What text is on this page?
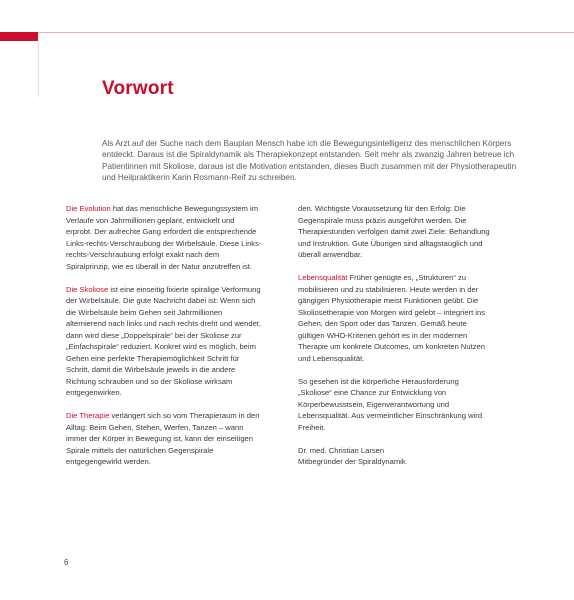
Vorwort

Als Arzt auf der Suche nach dem Bauplan Mensch habe ich die Bewegungsintelligenz des menschlichen Körpers entdeckt. Daraus ist die Spiraldynamik als Therapiekonzept entstanden. Seit mehr als zwanzig Jahren betreue ich Patientinnen mit Skoliose, daraus ist die Motivation entstanden, dieses Buch zusammen mit der Physiotherapeutin und Heilpraktikerin Karin Rosmann-Reif zu schreiben.

Die Evolution hat das menschliche Bewegungssystem im Verlaufe von Jahrmillionen geplant, entwickelt und erprobt. Der aufrechte Gang erfordert die entsprechende Links-rechts-Verschraubung der Wirbelsäule. Diese Links-rechts-Verschraubung erfolgt exakt nach dem Spiralprinzip, wie es überall in der Natur anzutreffen ist.

Die Skoliose ist eine einseitig fixierte spiralige Verformung der Wirbelsäule. Die gute Nachricht dabei ist: Wenn sich die Wirbelsäule beim Gehen seit Jahrmillionen alternierend nach links und nach rechts dreht und wendet, dann wird diese „Doppelspirale“ bei der Skoliose zur „Einfachspirale“ reduziert. Konkret wird es möglich, beim Gehen eine perfekte Therapiemöglichkeit Schritt für Schritt, damit die Wirbelsäule jeweils in die andere Richtung schrauben und so der Skoliose wirksam entgegenwirken.

Die Therapie verlängert sich so vom Therapieraum in den Alltag: Beim Gehen, Stehen, Werfen, Tanzen – wann immer der Körper in Bewegung ist, kann der einseitigen Spirale mittels der natürlichen Gegenspirale entgegengewirkt werden.

den. Wichtigste Voraussetzung für den Erfolg: Die Gegenspirale muss präzis ausgeführt werden. Die Therapiestunden verfolgen damit zwei Ziele: Behandlung und Instruktion. Gute Übungen sind alltagstauglich und überall anwendbar.

Lebensqualität Früher genügte es, „Strukturen“ zu mobilisieren und zu stabilisieren. Heute werden in der gängigen Physiotherapie meist Funktionen geübt. Die Skoliosetherapie von Morgen wird gelebt – integriert ins Gehen, den Sport oder das Tanzen. Gemäß heute gültigen WHO-Kriterien gehört es in der modernen Therapie um konkrete Outcomes, um konkreten Nutzen und Lebensqualität.

So gesehen ist die körperliche Herausforderung „Skoliose“ eine Chance zur Entwicklung von Körperbewusstsein, Eigenverantwortung und Lebensqualität. Aus vermeintlicher Einschränkung wird Freiheit.

Dr. med. Christian Larsen
Mitbegründer der Spiraldynamik

6
